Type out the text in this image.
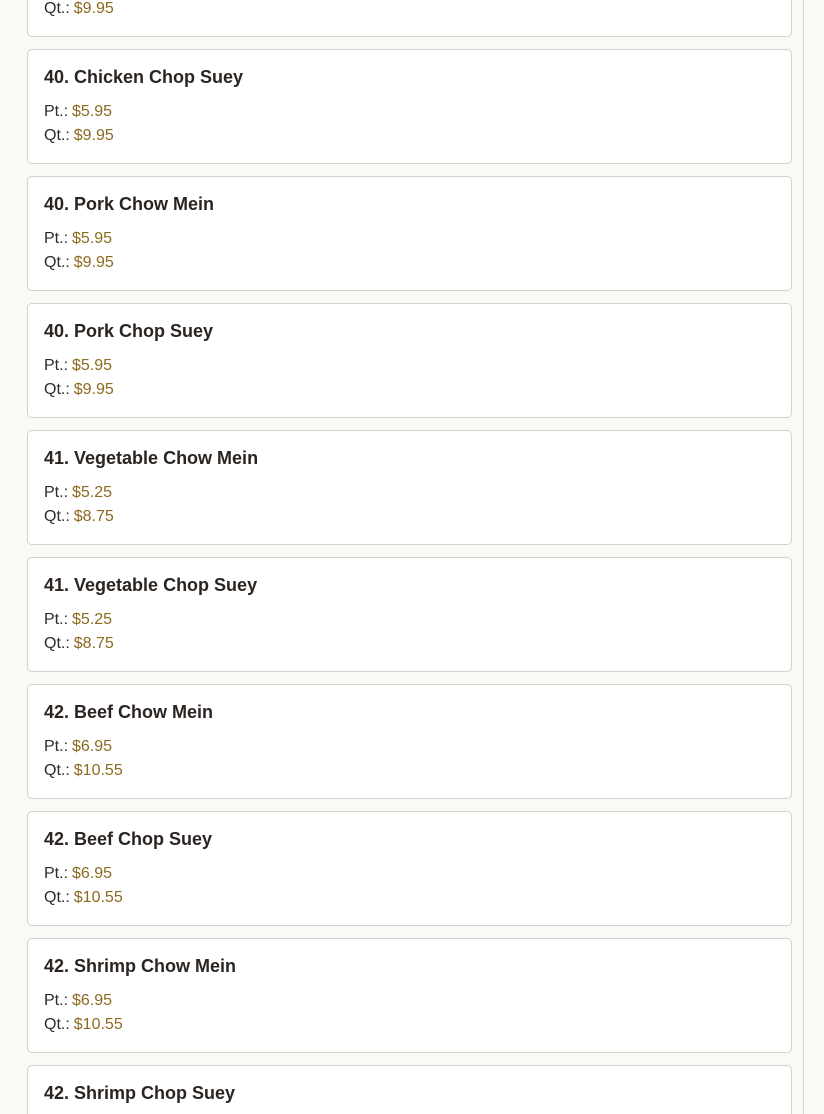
Qt.: $9.95
40. Chicken Chop Suey
Pt.: $5.95
Qt.: $9.95
40. Pork Chow Mein
Pt.: $5.95
Qt.: $9.95
40. Pork Chop Suey
Pt.: $5.95
Qt.: $9.95
41. Vegetable Chow Mein
Pt.: $5.25
Qt.: $8.75
41. Vegetable Chop Suey
Pt.: $5.25
Qt.: $8.75
42. Beef Chow Mein
Pt.: $6.95
Qt.: $10.55
42. Beef Chop Suey
Pt.: $6.95
Qt.: $10.55
42. Shrimp Chow Mein
Pt.: $6.95
Qt.: $10.55
42. Shrimp Chop Suey
